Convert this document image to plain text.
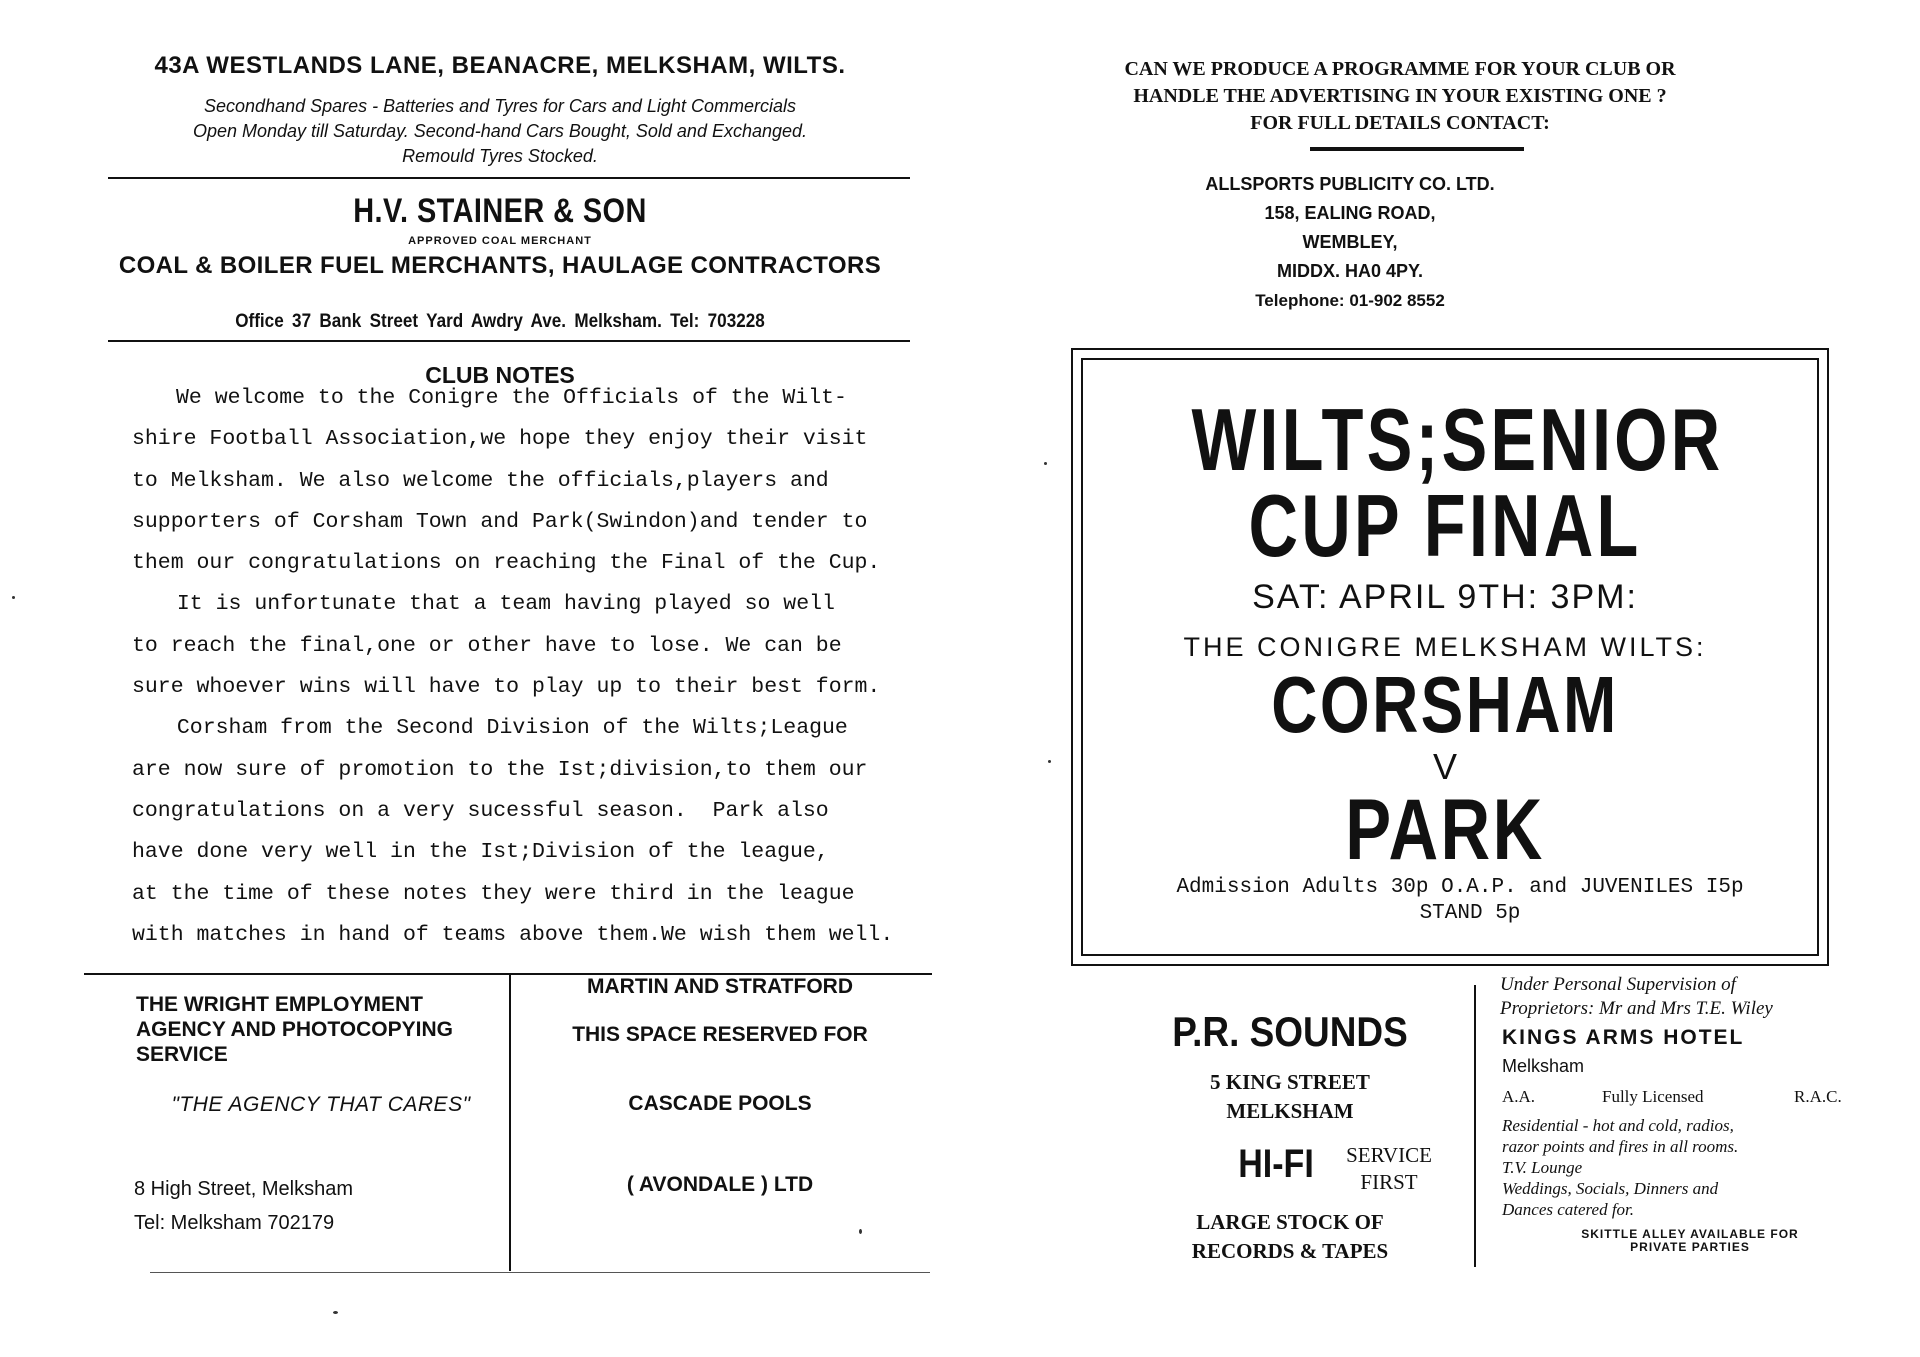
43A WESTLANDS LANE, BEANACRE, MELKSHAM, WILTS.
Secondhand Spares - Batteries and Tyres for Cars and Light Commercials
Open Monday till Saturday. Second-hand Cars Bought, Sold and Exchanged.
Remould Tyres Stocked.
H.V. STAINER & SON
APPROVED COAL MERCHANT
COAL & BOILER FUEL MERCHANTS, HAULAGE CONTRACTORS
Office 37 Bank Street Yard Awdry Ave. Melksham. Tel: 703228
CLUB NOTES
We welcome to the Conigre the Officials of the Wilt-
shire Football Association,we hope they enjoy their visit
to Melksham. We also welcome the officials,players and
supporters of Corsham Town and Park(Swindon)and tender to
them our congratulations on reaching the Final of the Cup.
It is unfortunate that a team having played so well
to reach the final,one or other have to lose. We can be
sure whoever wins will have to play up to their best form.
Corsham from the Second Division of the Wilts;League
are now sure of promotion to the Ist;division,to them our
congratulations on a very sucessful season.  Park also
have done very well in the Ist;Division of the league,
at the time of these notes they were third in the league
with matches in hand of teams above them.We wish them well.
THE WRIGHT EMPLOYMENT
AGENCY AND PHOTOCOPYING
SERVICE
"THE AGENCY THAT CARES"
8 High Street, Melksham
Tel: Melksham 702179
MARTIN AND STRATFORD
THIS SPACE RESERVED FOR
CASCADE POOLS
( AVONDALE ) LTD
CAN WE PRODUCE A PROGRAMME FOR YOUR CLUB OR
HANDLE THE ADVERTISING IN YOUR EXISTING ONE ?
FOR FULL DETAILS CONTACT:
ALLSPORTS PUBLICITY CO. LTD.
158, EALING ROAD,
WEMBLEY,
MIDDX. HA0 4PY.
Telephone: 01-902 8552
WILTS;SENIOR
CUP FINAL
SAT: APRIL 9TH: 3PM:
THE CONIGRE MELKSHAM WILTS:
CORSHAM
V
PARK
Admission Adults 30p O.A.P. and JUVENILES I5p
STAND 5p
P.R. SOUNDS
5 KING STREET
MELKSHAM
HI-FI	SERVICE
FIRST
LARGE STOCK OF
RECORDS & TAPES
Under Personal Supervision of
Proprietors: Mr and Mrs T.E. Wiley
KINGS ARMS HOTEL
Melksham
A.A.	Fully Licensed	R.A.C.
Residential - hot and cold, radios,
razor points and fires in all rooms.
T.V. Lounge
Weddings, Socials, Dinners and
Dances catered for.
SKITTLE ALLEY AVAILABLE FOR
PRIVATE PARTIES
